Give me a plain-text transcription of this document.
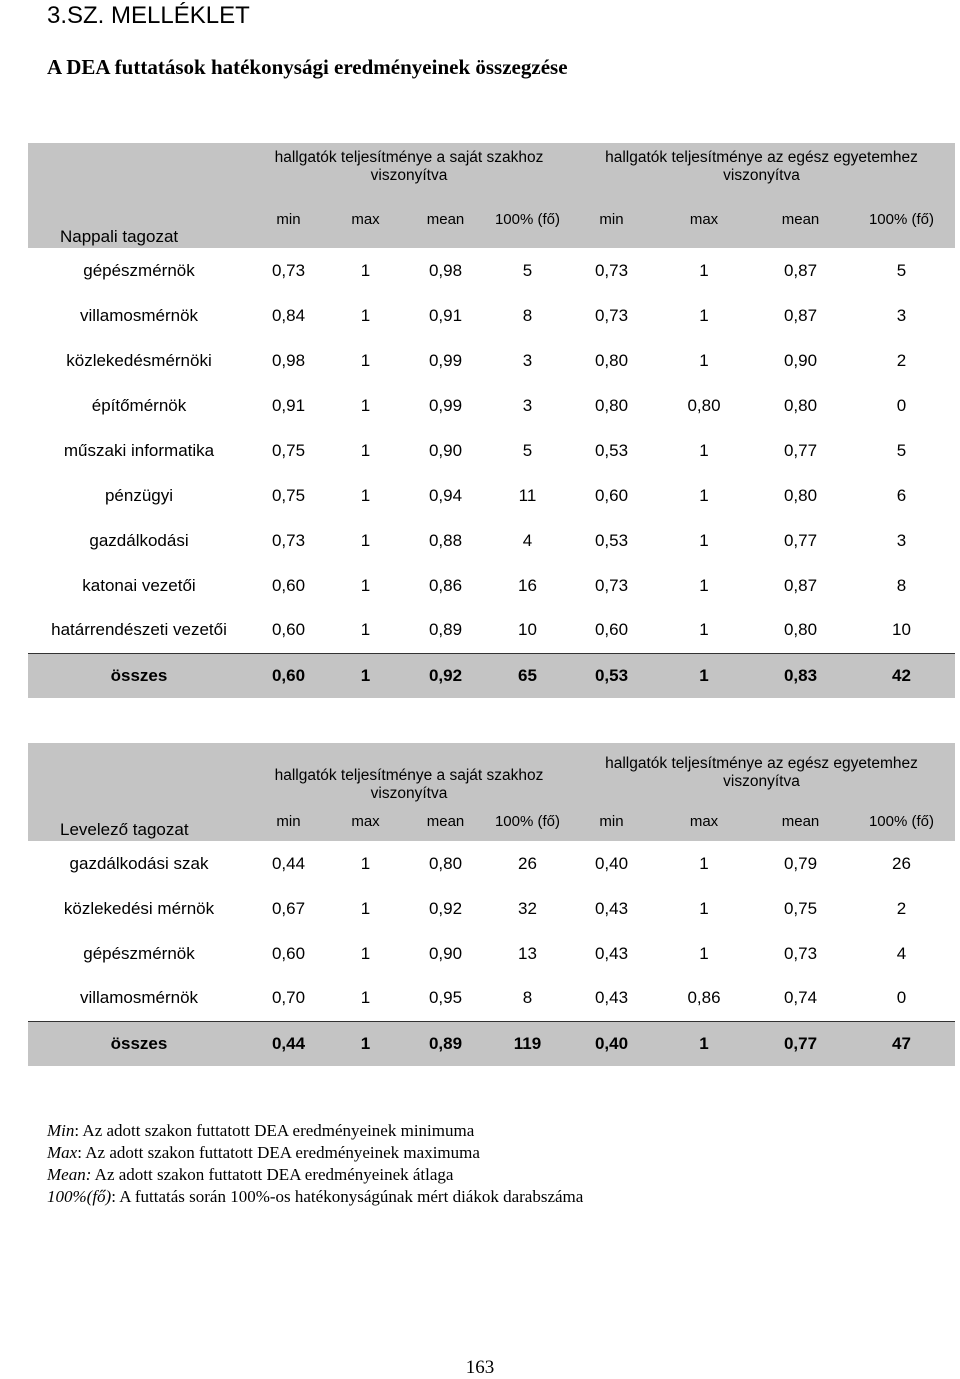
3.SZ. MELLÉKLET
A DEA futtatások hatékonysági eredményeinek összegzése
Nappali tagozat	hallgatók teljesítménye a saját szakhoz viszonyítva				hallgatók teljesítménye az egész egyetemhez viszonyítva			
	min	max	mean	100% (fő)	min	max	mean	100% (fő)
gépészmérnök	0,73	1	0,98	5	0,73	1	0,87	5
villamosmérnök	0,84	1	0,91	8	0,73	1	0,87	3
közlekedésmérnöki	0,98	1	0,99	3	0,80	1	0,90	2
építőmérnök	0,91	1	0,99	3	0,80	0,80	0,80	0
műszaki informatika	0,75	1	0,90	5	0,53	1	0,77	5
pénzügyi	0,75	1	0,94	11	0,60	1	0,80	6
gazdálkodási	0,73	1	0,88	4	0,53	1	0,77	3
katonai vezetői	0,60	1	0,86	16	0,73	1	0,87	8
határrendészeti vezetői	0,60	1	0,89	10	0,60	1	0,80	10
összes	0,60	1	0,92	65	0,53	1	0,83	42
Levelező tagozat	hallgatók teljesítménye a saját szakhoz viszonyítva				hallgatók teljesítménye az egész egyetemhez viszonyítva			
	min	max	mean	100% (fő)	min	max	mean	100% (fő)
gazdálkodási szak	0,44	1	0,80	26	0,40	1	0,79	26
közlekedési mérnök	0,67	1	0,92	32	0,43	1	0,75	2
gépészmérnök	0,60	1	0,90	13	0,43	1	0,73	4
villamosmérnök	0,70	1	0,95	8	0,43	0,86	0,74	0
összes	0,44	1	0,89	119	0,40	1	0,77	47
Min: Az adott szakon futtatott DEA eredményeinek minimuma
Max: Az adott szakon futtatott DEA eredményeinek maximuma
Mean: Az adott szakon futtatott DEA eredményeinek átlaga
100%(fő): A futtatás során 100%-os hatékonyságúnak mért diákok darabszáma
163
